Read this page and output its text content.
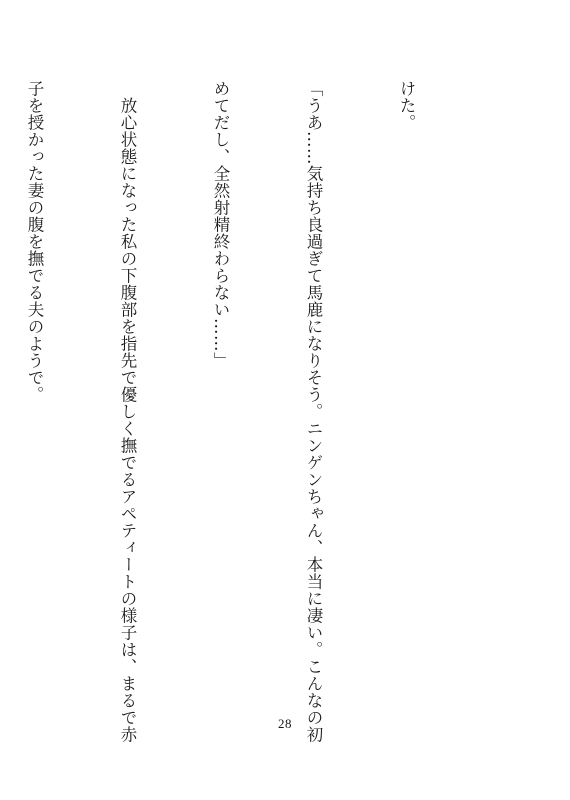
けた。

「うあ……気持ち良過ぎて馬鹿になりそう。ニンゲンちゃん、本当に凄い。こんなの初

めてだし、全然射精終わらない……」

放心状態になった私の下腹部を指先で優しく撫でるアペティートの様子は、まるで赤

子を授かった妻の腹を撫でる夫のようで。

28
